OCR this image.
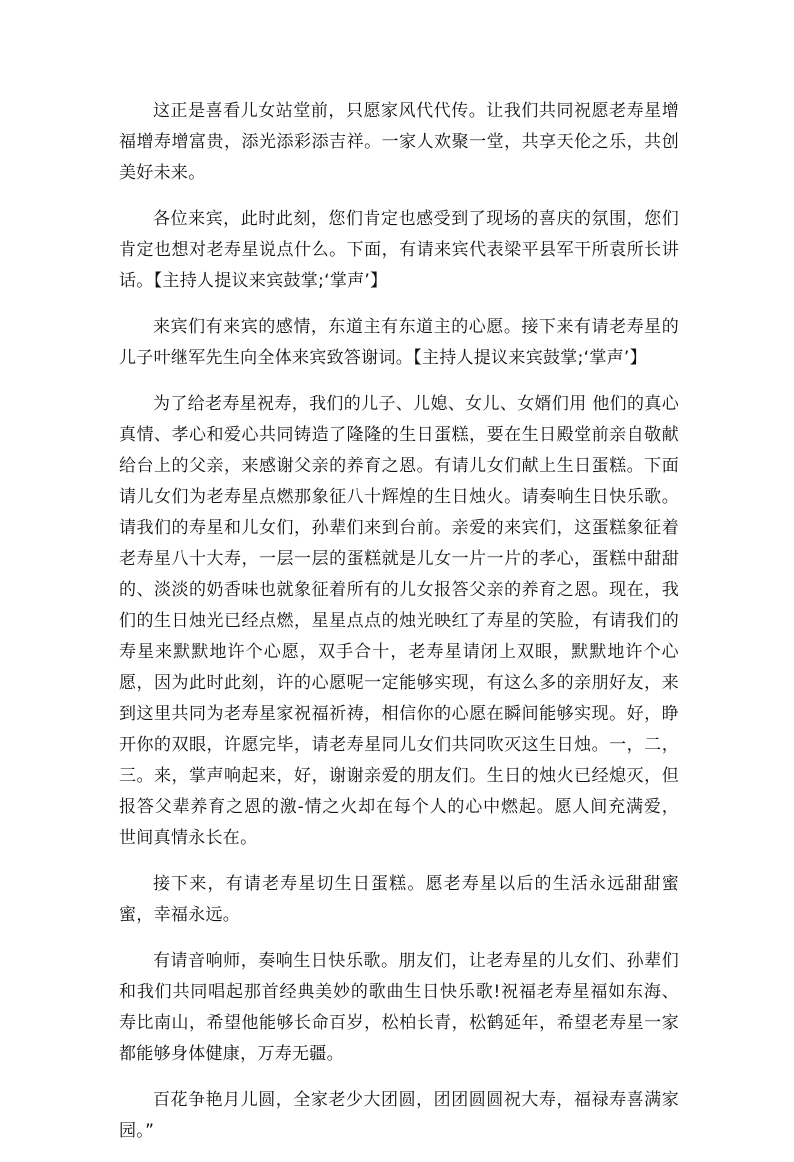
这正是喜看儿女站堂前，只愿家风代代传。让我们共同祝愿老寿星增福增寿增富贵，添光添彩添吉祥。一家人欢聚一堂，共享天伦之乐，共创美好未来。

各位来宾，此时此刻，您们肯定也感受到了现场的喜庆的氛围，您们肯定也想对老寿星说点什么。下面，有请来宾代表梁平县军干所袁所长讲话。【主持人提议来宾鼓掌;‘掌声’】

来宾们有来宾的感情，东道主有东道主的心愿。接下来有请老寿星的儿子叶继军先生向全体来宾致答谢词。【主持人提议来宾鼓掌;‘掌声’】

为了给老寿星祝寿，我们的儿子、儿媳、女儿、女婿们用 他们的真心真情、孝心和爱心共同铸造了隆隆的生日蛋糕，要在生日殿堂前亲自敬献给台上的父亲，来感谢父亲的养育之恩。有请儿女们献上生日蛋糕。下面请儿女们为老寿星点燃那象征八十辉煌的生日烛火。请奏响生日快乐歌。请我们的寿星和儿女们，孙辈们来到台前。亲爱的来宾们，这蛋糕象征着老寿星八十大寿，一层一层的蛋糕就是儿女一片一片的孝心，蛋糕中甜甜的、淡淡的奶香味也就象征着所有的儿女报答父亲的养育之恩。现在，我们的生日烛光已经点燃，星星点点的烛光映红了寿星的笑脸，有请我们的寿星来默默地许个心愿，双手合十，老寿星请闭上双眼，默默地许个心愿，因为此时此刻，许的心愿呢一定能够实现，有这么多的亲朋好友，来到这里共同为老寿星家祝福祈祷，相信你的心愿在瞬间能够实现。好，睁开你的双眼，许愿完毕，请老寿星同儿女们共同吹灭这生日烛。一，二，三。来，掌声响起来，好，谢谢亲爱的朋友们。生日的烛火已经熄灭，但报答父辈养育之恩的激-情之火却在每个人的心中燃起。愿人间充满爱，世间真情永长在。

接下来，有请老寿星切生日蛋糕。愿老寿星以后的生活永远甜甜蜜蜜，幸福永远。

有请音响师，奏响生日快乐歌。朋友们，让老寿星的儿女们、孙辈们和我们共同唱起那首经典美妙的歌曲生日快乐歌!祝福老寿星福如东海、寿比南山，希望他能够长命百岁，松柏长青，松鹤延年，希望老寿星一家都能够身体健康，万寿无疆。

百花争艳月儿圆，全家老少大团圆，团团圆圆祝大寿，福禄寿喜满家园。”
